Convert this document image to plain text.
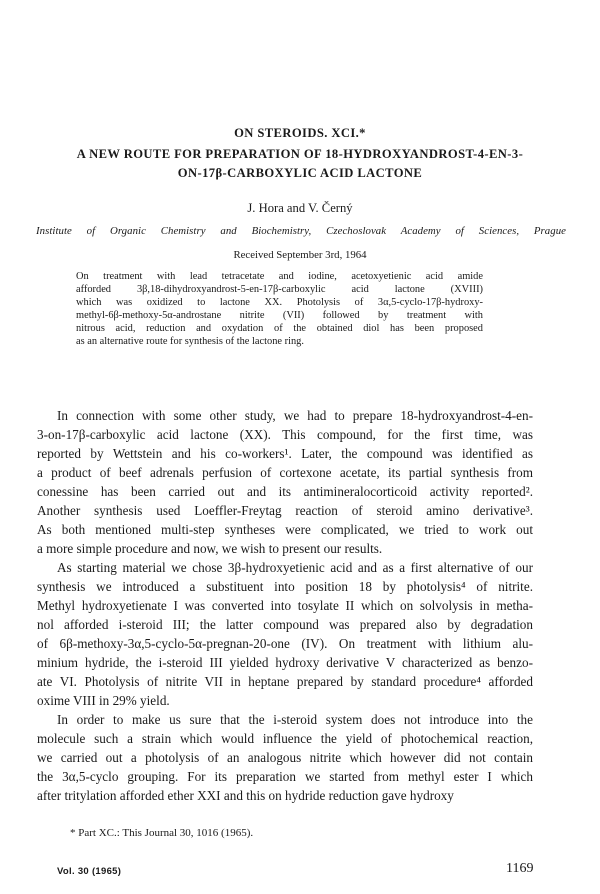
ON STEROIDS. XCI.*
A NEW ROUTE FOR PREPARATION OF 18-HYDROXYANDROST-4-EN-3-
ON-17β-CARBOXYLIC ACID LACTONE
J. Hora and V. Černý
Institute of Organic Chemistry and Biochemistry, Czechoslovak Academy of Sciences, Prague
Received September 3rd, 1964
On treatment with lead tetracetate and iodine, acetoxyetienic acid amide
afforded 3β,18-dihydroxyandrost-5-en-17β-carboxylic acid lactone (XVIII)
which was oxidized to lactone XX. Photolysis of 3α,5-cyclo-17β-hydroxy-
methyl-6β-methoxy-5α-androstane nitrite (VII) followed by treatment with
nitrous acid, reduction and oxydation of the obtained diol has been proposed
as an alternative route for synthesis of the lactone ring.
In connection with some other study, we had to prepare 18-hydroxyandrost-4-en-
3-on-17β-carboxylic acid lactone (XX). This compound, for the first time, was
reported by Wettstein and his co-workers¹. Later, the compound was identified as
a product of beef adrenals perfusion of cortexone acetate, its partial synthesis from
conessine has been carried out and its antimineralocorticoid activity reported².
Another synthesis used Loeffler-Freytag reaction of steroid amino derivative³.
As both mentioned multi-step syntheses were complicated, we tried to work out
a more simple procedure and now, we wish to present our results.
As starting material we chose 3β-hydroxyetienic acid and as a first alternative of our
synthesis we introduced a substituent into position 18 by photolysis⁴ of nitrite.
Methyl hydroxyetienate I was converted into tosylate II which on solvolysis in metha-
nol afforded i-steroid III; the latter compound was prepared also by degradation
of 6β-methoxy-3α,5-cyclo-5α-pregnan-20-one (IV). On treatment with lithium alu-
minium hydride, the i-steroid III yielded hydroxy derivative V characterized as benzo-
ate VI. Photolysis of nitrite VII in heptane prepared by standard procedure⁴ afforded
oxime VIII in 29% yield.
In order to make us sure that the i-steroid system does not introduce into the
molecule such a strain which would influence the yield of photochemical reaction,
we carried out a photolysis of an analogous nitrite which however did not contain
the 3α,5-cyclo grouping. For its preparation we started from methyl ester I which
after tritylation afforded ether XXI and this on hydride reduction gave hydroxy
* Part XC.: This Journal 30, 1016 (1965).
Vol. 30 (1965)	1169
